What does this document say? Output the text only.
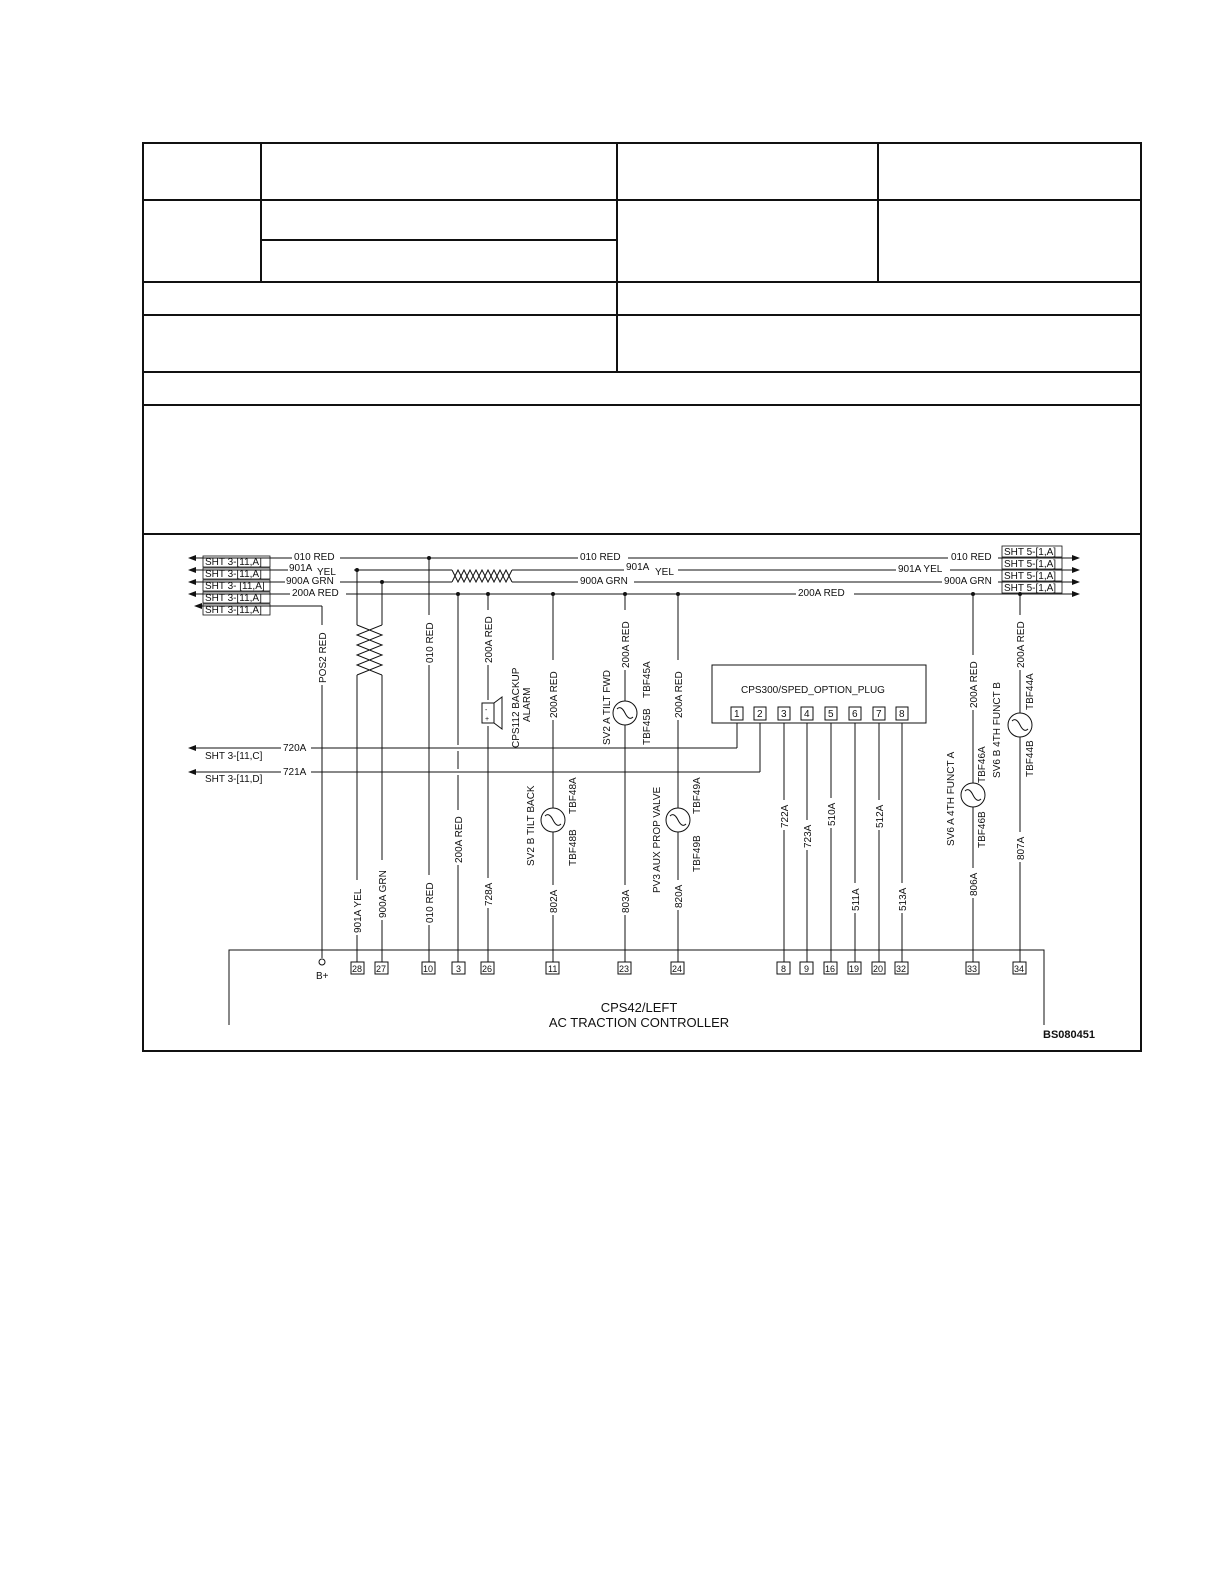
SHT 3-[11,A]
SHT 3-[11,A]
SHT 3- [11,A]
SHT 3-[11,A]
SHT 3-[11,A]
SHT 5-[1,A]
SHT 5-[1,A]
SHT 5-[1,A]
SHT 5-[1,A]
010 RED	010 RED	010 RED
901A YEL	901A YEL	901A YEL
900A GRN	900A GRN	900A GRN
200A RED	200A RED
720A
721A
SHT 3-[11,C]
SHT 3-[11,D]
POS2 RED	010 RED	200A RED
200A RED
200A RED
200A RED	200A RED
200A RED
200A RED
901A YEL 900A GRN	010 RED	728A	802A	803A	820A
722A
723A
510A
511A
512A
513A
806A
807A
-
+ CPS112 BACKUP ALARM	SV2 A TILT FWD	TBF45A
TBF45B
SV2 B TILT BACK	TBF48A
TBF48B	PV3 AUX PROP VALVE	TBF49A
TBF49B
SV6 A 4TH FUNCT A TBF46A
TBF46B
SV6 B 4TH FUNCT B TBF44A
TBF44B
CPS300/SPED_OPTION_PLUG
1 2 3 4 5 6 7 8
B+
28 27	10	3 26	11	23	24	8 9 16 19 20 32	33	34
CPS42/LEFT
AC TRACTION CONTROLLER
BS080451
